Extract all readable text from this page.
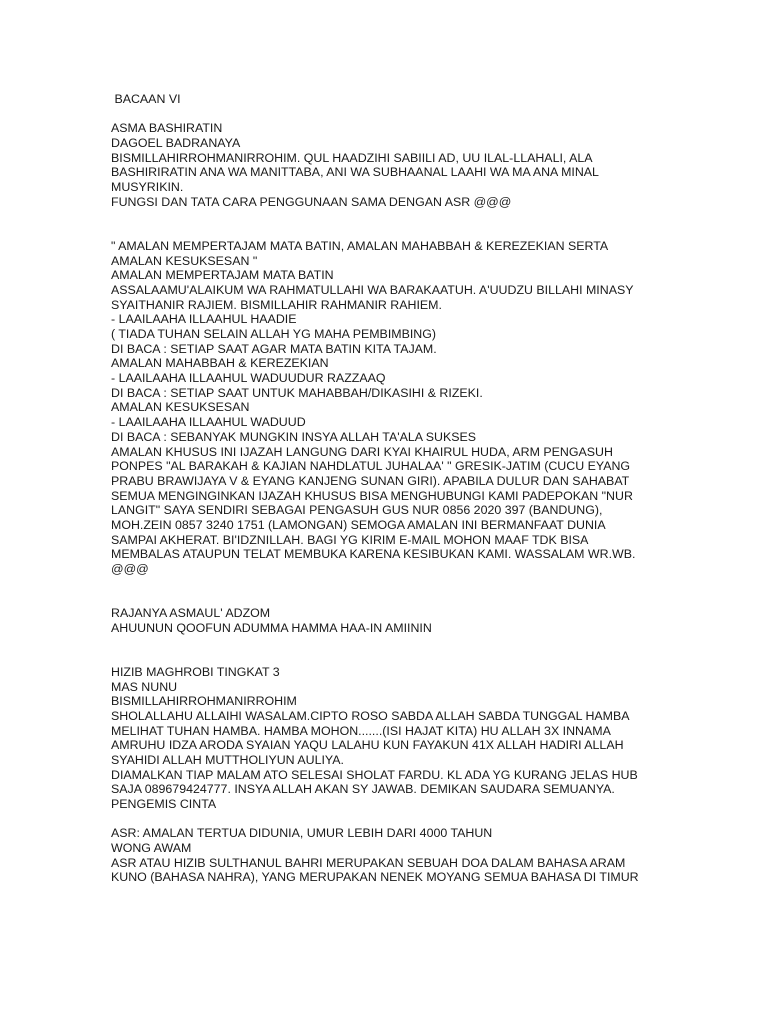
BACAAN VI
ASMA BASHIRATIN
DAGOEL BADRANAYA
BISMILLAHIRROHMANIRROHIM. QUL HAADZIHI SABIILI AD, UU ILAL-LLAHALI, ALA
BASHIRIRATIN ANA WA MANITTABA, ANI WA SUBHAANAL LAAHI WA MA ANA MINAL
MUSYRIKIN.
FUNGSI DAN TATA CARA PENGGUNAAN SAMA DENGAN ASR @@@
" AMALAN MEMPERTAJAM MATA BATIN, AMALAN MAHABBAH & KEREZEKIAN SERTA
AMALAN KESUKSESAN "
AMALAN MEMPERTAJAM MATA BATIN
ASSALAAMU'ALAIKUM WA RAHMATULLAHI WA BARAKAATUH. A'UUDZU BILLAHI MINASY
SYAITHANIR RAJIEM. BISMILLAHIR RAHMANIR RAHIEM.
- LAAILAAHA ILLAAHUL HAADIE
( TIADA TUHAN SELAIN ALLAH YG MAHA PEMBIMBING)
DI BACA : SETIAP SAAT AGAR MATA BATIN KITA TAJAM.
AMALAN MAHABBAH & KEREZEKIAN
- LAAILAAHA ILLAAHUL WADUUDUR RAZZAAQ
DI BACA : SETIAP SAAT UNTUK MAHABBAH/DIKASIHI & RIZEKI.
AMALAN KESUKSESAN
- LAAILAAHA ILLAAHUL WADUUD
DI BACA : SEBANYAK MUNGKIN INSYA ALLAH TA'ALA SUKSES
AMALAN KHUSUS INI IJAZAH LANGUNG DARI KYAI KHAIRUL HUDA, ARM PENGASUH
PONPES "AL BARAKAH & KAJIAN NAHDLATUL JUHALAA' " GRESIK-JATIM (CUCU EYANG
PRABU BRAWIJAYA V & EYANG KANJENG SUNAN GIRI). APABILA DULUR DAN SAHABAT
SEMUA MENGINGINKAN IJAZAH KHUSUS BISA MENGHUBUNGI KAMI PADEPOKAN "NUR
LANGIT" SAYA SENDIRI SEBAGAI PENGASUH GUS NUR 0856 2020 397 (BANDUNG),
MOH.ZEIN 0857 3240 1751 (LAMONGAN) SEMOGA AMALAN INI BERMANFAAT DUNIA
SAMPAI AKHERAT. BI'IDZNILLAH. BAGI YG KIRIM E-MAIL MOHON MAAF TDK BISA
MEMBALAS ATAUPUN TELAT MEMBUKA KARENA KESIBUKAN KAMI. WASSALAM WR.WB.
@@@
RAJANYA ASMAUL' ADZOM
AHUUNUN QOOFUN ADUMMA HAMMA HAA-IN AMIININ
HIZIB MAGHROBI TINGKAT 3
MAS NUNU
BISMILLAHIRROHMANIRROHIM
SHOLALLAHU ALLAIHI WASALAM.CIPTO ROSO SABDA ALLAH SABDA TUNGGAL HAMBA
MELIHAT TUHAN HAMBA. HAMBA MOHON.......(ISI HAJAT KITA) HU ALLAH 3X INNAMA
AMRUHU IDZA ARODA SYAIAN YAQU LALAHU KUN FAYAKUN 41X ALLAH HADIRI ALLAH
SYAHIDI ALLAH MUTTHOLIYUN AULIYA.
DIAMALKAN TIAP MALAM ATO SELESAI SHOLAT FARDU. KL ADA YG KURANG JELAS HUB
SAJA 089679424777. INSYA ALLAH AKAN SY JAWAB. DEMIKAN SAUDARA SEMUANYA.
PENGEMIS CINTA
ASR: AMALAN TERTUA DIDUNIA, UMUR LEBIH DARI 4000 TAHUN
WONG AWAM
ASR ATAU HIZIB SULTHANUL BAHRI MERUPAKAN SEBUAH DOA DALAM BAHASA ARAM
KUNO (BAHASA NAHRA), YANG MERUPAKAN NENEK MOYANG SEMUA BAHASA DI TIMUR
